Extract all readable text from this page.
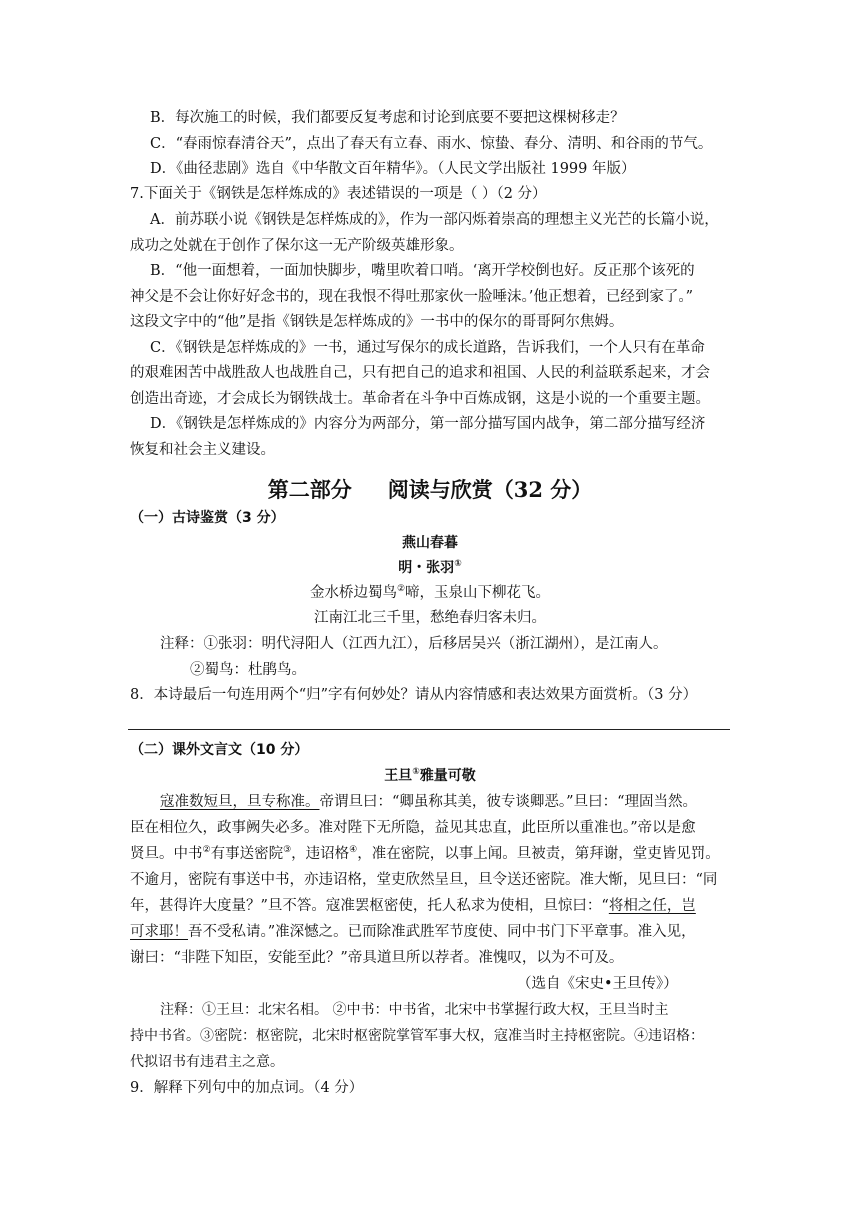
B．每次施工的时候，我们都要反复考虑和讨论到底要不要把这棵树移走？
C．“春雨惊春清谷天”，点出了春天有立春、雨水、惊蛰、春分、清明、和谷雨的节气。
D．《曲径悲剧》选自《中华散文百年精华》。（人民文学出版社 1999 年版）
7.下面关于《钢铁是怎样炼成的》表述错误的一项是（ ）（2 分）
A．前苏联小说《钢铁是怎样炼成的》，作为一部闪烁着崇高的理想主义光芒的长篇小说，
成功之处就在于创作了保尔这一无产阶级英雄形象。
B．“他一面想着，一面加快脚步，嘴里吹着口哨。‘离开学校倒也好。反正那个该死的
神父是不会让你好好念书的，现在我恨不得吐那家伙一脸唾沫。’他正想着，已经到家了。”
这段文字中的“他”是指《钢铁是怎样炼成的》一书中的保尔的哥哥阿尔焦姆。
C．《钢铁是怎样炼成的》一书，通过写保尔的成长道路，告诉我们，一个人只有在革命
的艰难困苦中战胜敌人也战胜自己，只有把自己的追求和祖国、人民的利益联系起来，才会
创造出奇迹，才会成长为钢铁战士。革命者在斗争中百炼成钢，这是小说的一个重要主题。
D．《钢铁是怎样炼成的》内容分为两部分，第一部分描写国内战争，第二部分描写经济
恢复和社会主义建设。
第二部分 阅读与欣赏（32 分）
（一）古诗鉴赏（3 分）
燕山春暮
明・张羽①
金水桥边蜀鸟②啼，玉泉山下柳花飞。
江南江北三千里，愁绝春归客未归。
注释：①张羽：明代浔阳人（江西九江），后移居吴兴（浙江湖州），是江南人。
②蜀鸟：杜鹃鸟。
8．本诗最后一句连用两个“归”字有何妙处？请从内容情感和表达效果方面赏析。（3 分）
（二）课外文言文（10 分）
王旦①雅量可敬
寇准数短旦，旦专称准。帝谓旦曰：“卿虽称其美，彼专谈卿恶。”旦曰：“理固当然。
臣在相位久，政事阙失必多。准对陛下无所隐，益见其忠直，此臣所以重准也。”帝以是愈
贤旦。中书②有事送密院③，违诏格④，准在密院，以事上闻。旦被责，第拜谢，堂吏皆见罚。
不逾月，密院有事送中书，亦违诏格，堂吏欣然呈旦，旦令送还密院。准大惭，见旦曰：“同
年，甚得许大度量？”旦不答。寇准罢枢密使，托人私求为使相，旦惊曰：“将相之任，岂
可求耶！吾不受私请。”准深憾之。已而除准武胜军节度使、同中书门下平章事。准入见，
谢曰：“非陛下知臣，安能至此？”帝具道旦所以荐者。准愧叹，以为不可及。
（选自《宋史•王旦传》）
注释：①王旦：北宋名相。 ②中书：中书省，北宋中书掌握行政大权，王旦当时主
持中书省。③密院：枢密院，北宋时枢密院掌管军事大权，寇准当时主持枢密院。④违诏格：
代拟诏书有违君主之意。
9．解释下列句中的加点词。（4 分）
